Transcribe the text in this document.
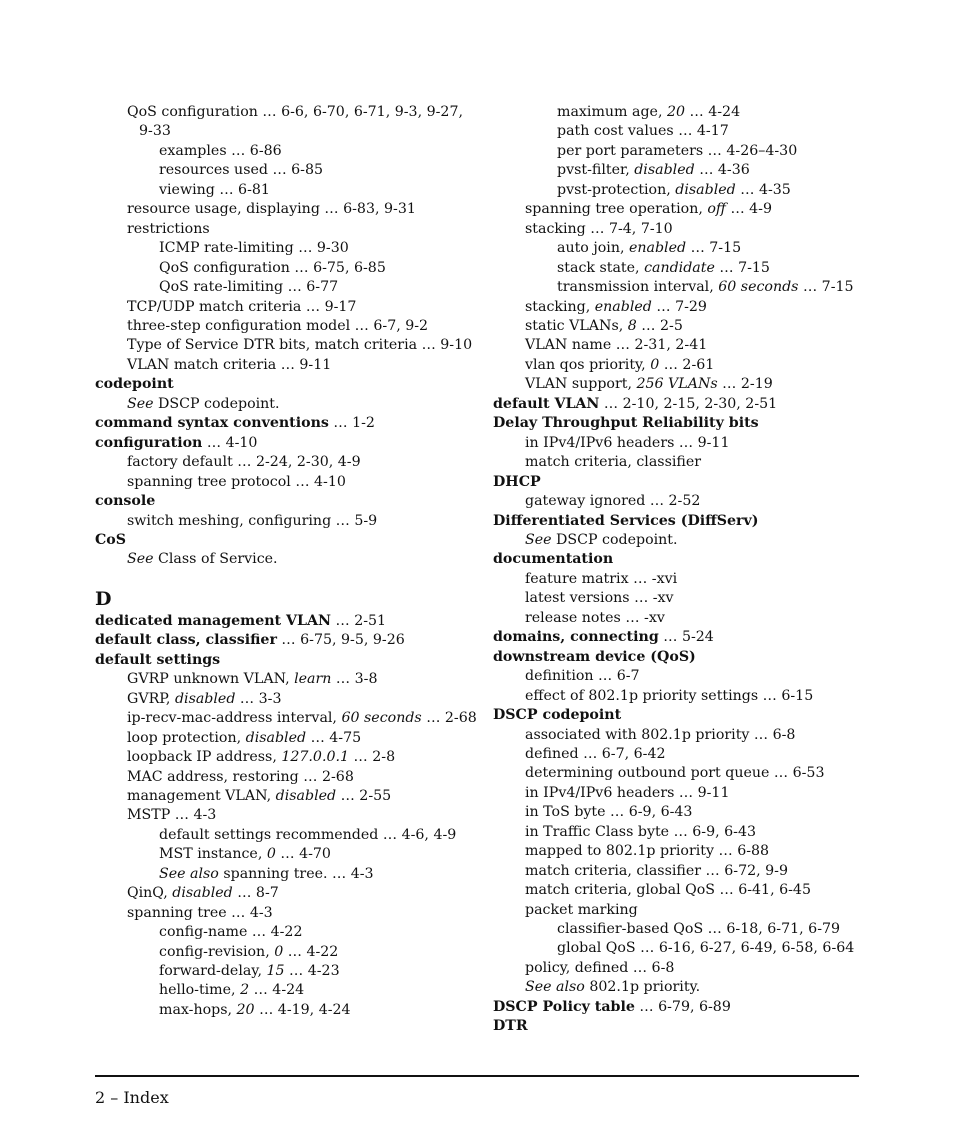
QoS configuration … 6-6, 6-70, 6-71, 9-3, 9-27,
9-33
examples … 6-86
resources used … 6-85
viewing … 6-81
resource usage, displaying … 6-83, 9-31
restrictions
ICMP rate-limiting … 9-30
QoS configuration … 6-75, 6-85
QoS rate-limiting … 6-77
TCP/UDP match criteria … 9-17
three-step configuration model … 6-7, 9-2
Type of Service DTR bits, match criteria … 9-10
VLAN match criteria … 9-11
codepoint
See DSCP codepoint.
command syntax conventions … 1-2
configuration … 4-10
factory default … 2-24, 2-30, 4-9
spanning tree protocol … 4-10
console
switch meshing, configuring … 5-9
CoS
See Class of Service.
D
dedicated management VLAN … 2-51
default class, classifier … 6-75, 9-5, 9-26
default settings
GVRP unknown VLAN, learn … 3-8
GVRP, disabled … 3-3
ip-recv-mac-address interval, 60 seconds … 2-68
loop protection, disabled … 4-75
loopback IP address, 127.0.0.1 … 2-8
MAC address, restoring … 2-68
management VLAN, disabled … 2-55
MSTP … 4-3
default settings recommended … 4-6, 4-9
MST instance, 0 … 4-70
See also spanning tree. … 4-3
QinQ, disabled … 8-7
spanning tree … 4-3
config-name … 4-22
config-revision, 0 … 4-22
forward-delay, 15 … 4-23
hello-time, 2 … 4-24
max-hops, 20 … 4-19, 4-24
maximum age, 20 … 4-24
path cost values … 4-17
per port parameters … 4-26–4-30
pvst-filter, disabled … 4-36
pvst-protection, disabled … 4-35
spanning tree operation, off … 4-9
stacking … 7-4, 7-10
auto join, enabled … 7-15
stack state, candidate … 7-15
transmission interval, 60 seconds … 7-15
stacking, enabled … 7-29
static VLANs, 8 … 2-5
VLAN name … 2-31, 2-41
vlan qos priority, 0 … 2-61
VLAN support, 256 VLANs … 2-19
default VLAN … 2-10, 2-15, 2-30, 2-51
Delay Throughput Reliability bits
in IPv4/IPv6 headers … 9-11
match criteria, classifier
DHCP
gateway ignored … 2-52
Differentiated Services (DiffServ)
See DSCP codepoint.
documentation
feature matrix … -xvi
latest versions … -xv
release notes … -xv
domains, connecting … 5-24
downstream device (QoS)
definition … 6-7
effect of 802.1p priority settings … 6-15
DSCP codepoint
associated with 802.1p priority … 6-8
defined … 6-7, 6-42
determining outbound port queue … 6-53
in IPv4/IPv6 headers … 9-11
in ToS byte … 6-9, 6-43
in Traffic Class byte … 6-9, 6-43
mapped to 802.1p priority … 6-88
match criteria, classifier … 6-72, 9-9
match criteria, global QoS … 6-41, 6-45
packet marking
classifier-based QoS … 6-18, 6-71, 6-79
global QoS … 6-16, 6-27, 6-49, 6-58, 6-64
policy, defined … 6-8
See also 802.1p priority.
DSCP Policy table … 6-79, 6-89
DTR
2 – Index
